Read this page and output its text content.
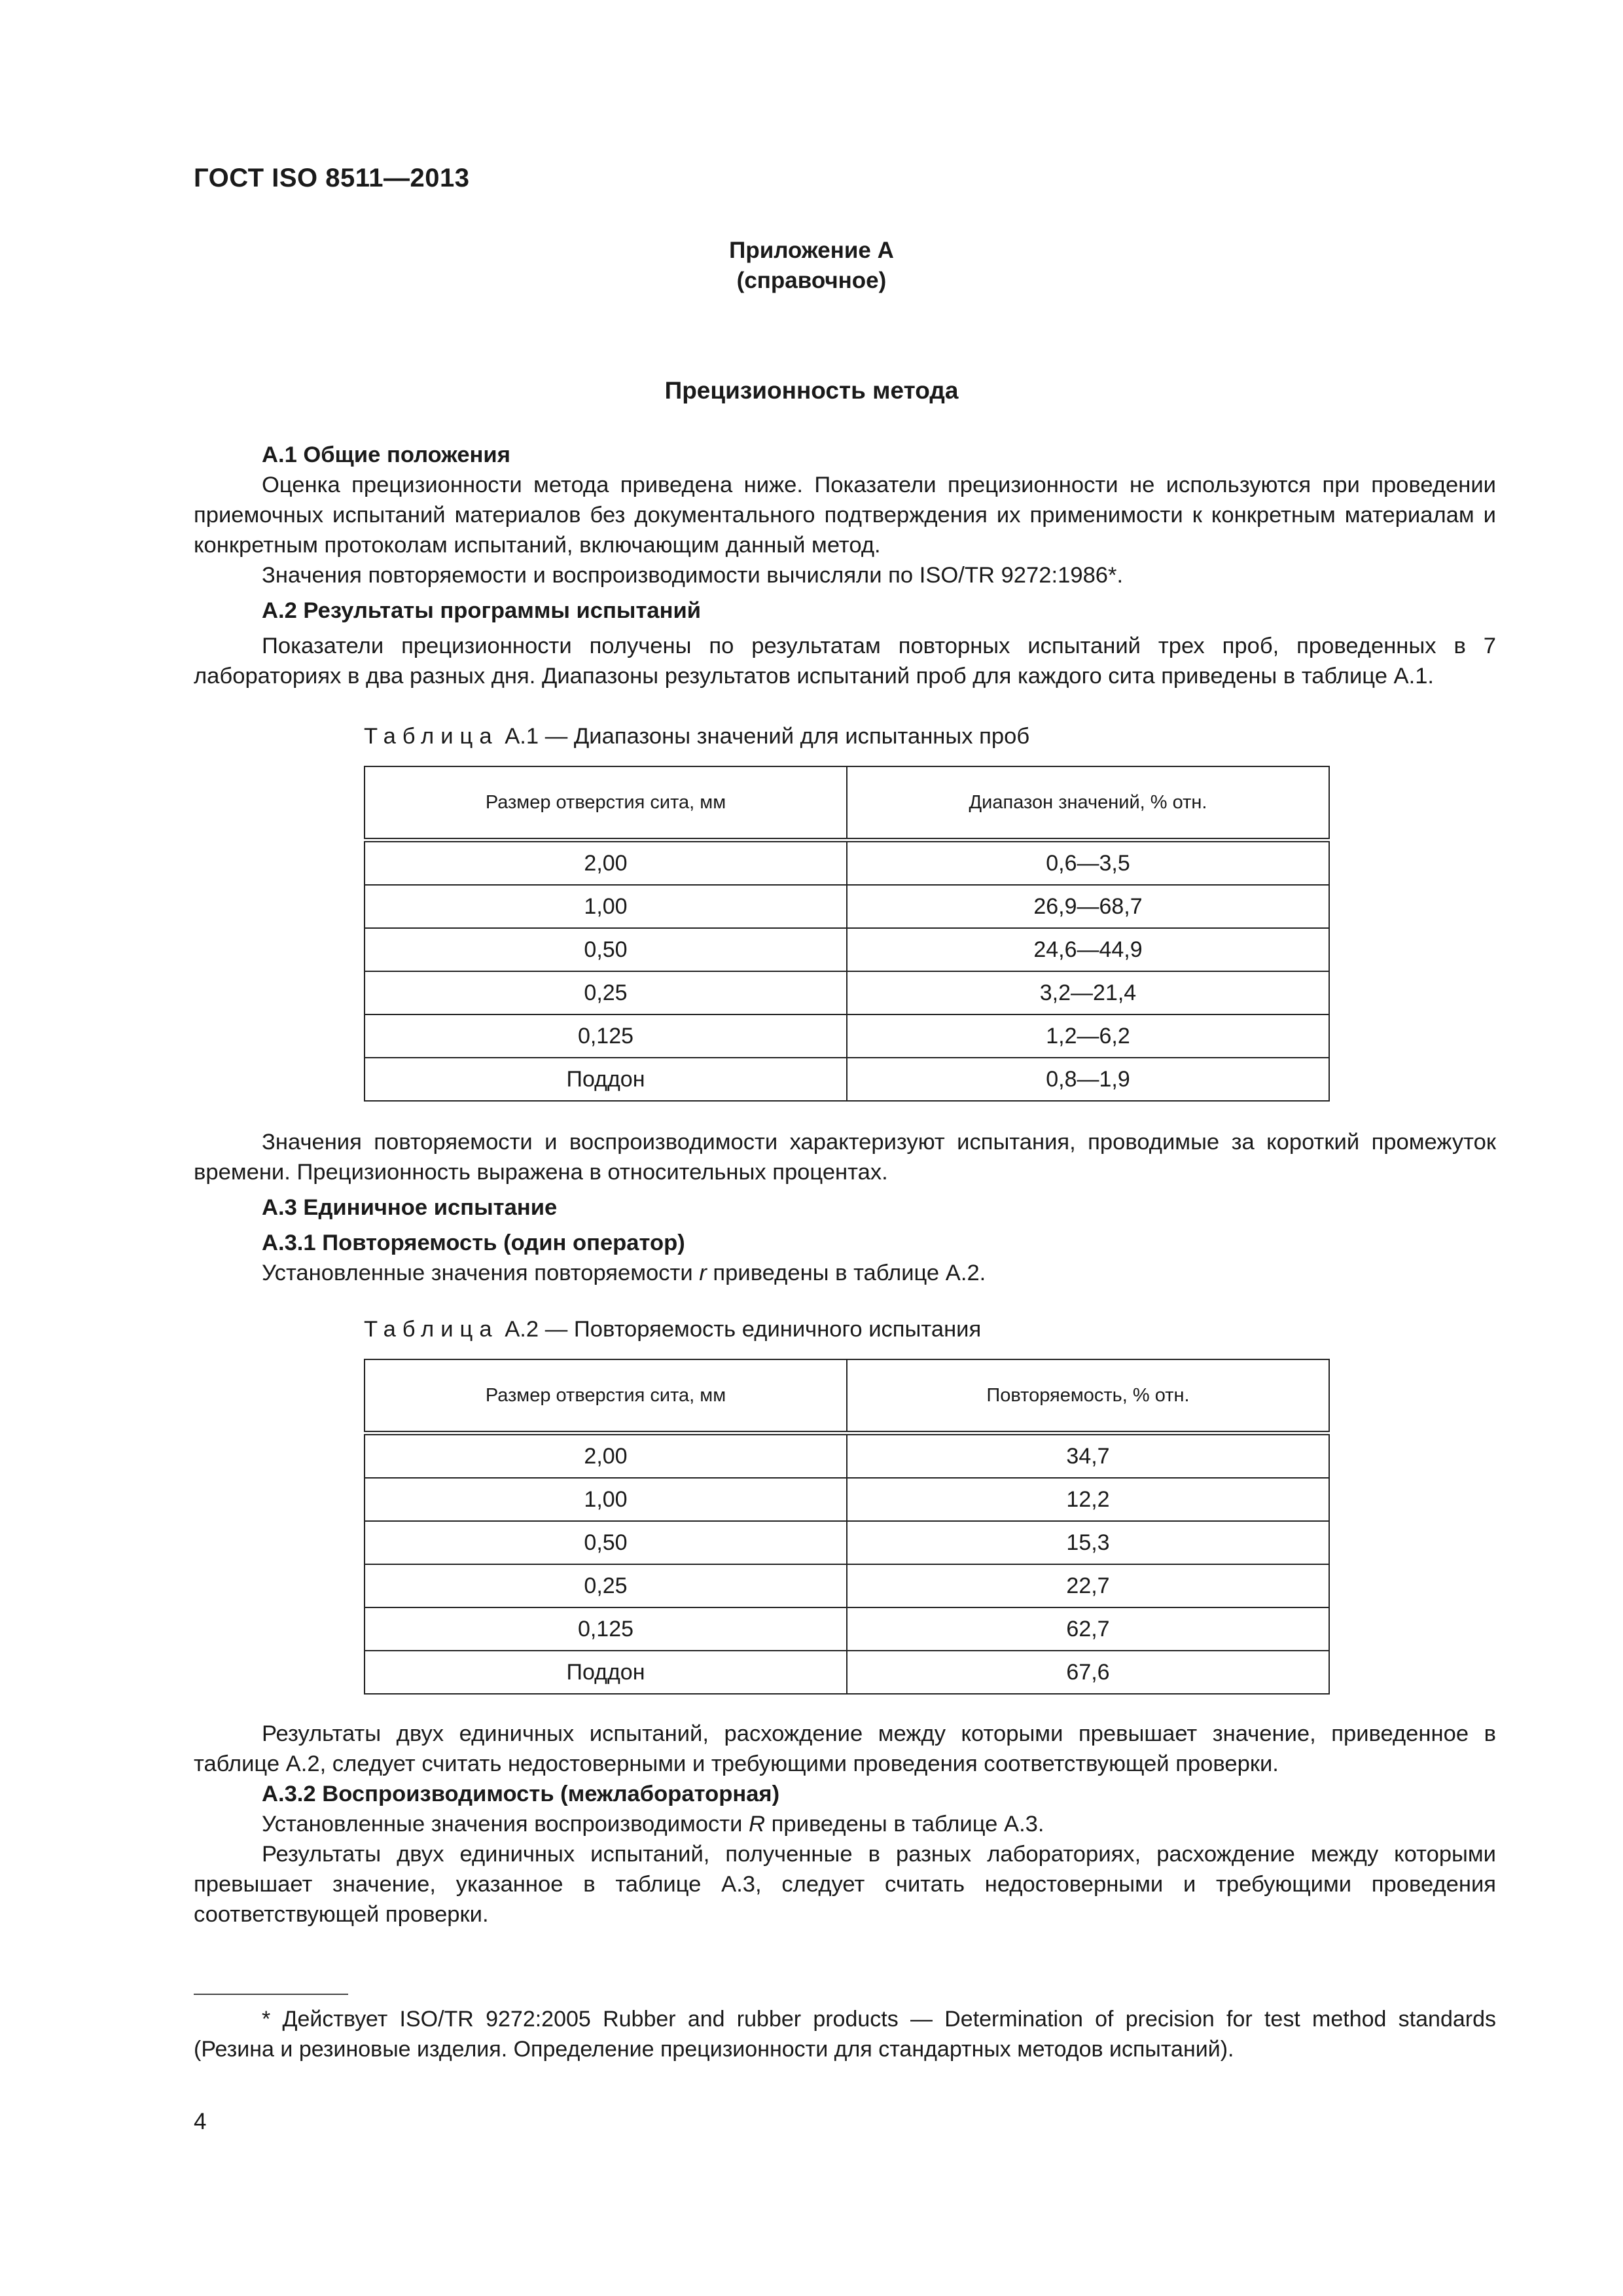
ГОСТ ISO 8511—2013
Приложение А
(справочное)
Прецизионность метода

А.1 Общие положения

Оценка прецизионности метода приведена ниже. Показатели прецизионности не используются при проведении приемочных испытаний материалов без документального подтверждения их применимости к конкретным материалам и конкретным протоколам испытаний, включающим данный метод.

Значения повторяемости и воспроизводимости вычисляли по ISO/TR 9272:1986*.

А.2 Результаты программы испытаний

Показатели прецизионности получены по результатам повторных испытаний трех проб, проведенных в 7 лабораториях в два разных дня. Диапазоны результатов испытаний проб для каждого сита приведены в таблице А.1.

Таблица А.1 — Диапазоны значений для испытанных проб
Размер отверстия сита, мм	Диапазон значений, % отн.
2,00	0,6—3,5
1,00	26,9—68,7
0,50	24,6—44,9
0,25	3,2—21,4
0,125	1,2—6,2
Поддон	0,8—1,9

Значения повторяемости и воспроизводимости характеризуют испытания, проводимые за короткий промежуток времени. Прецизионность выражена в относительных процентах.

А.3 Единичное испытание

А.3.1 Повторяемость (один оператор)

Установленные значения повторяемости r приведены в таблице А.2.

Таблица А.2 — Повторяемость единичного испытания
Размер отверстия сита, мм	Повторяемость, % отн.
2,00	34,7
1,00	12,2
0,50	15,3
0,25	22,7
0,125	62,7
Поддон	67,6

Результаты двух единичных испытаний, расхождение между которыми превышает значение, приведенное в таблице А.2, следует считать недостоверными и требующими проведения соответствующей проверки.

А.3.2 Воспроизводимость (межлабораторная)

Установленные значения воспроизводимости R приведены в таблице А.3.

Результаты двух единичных испытаний, полученные в разных лабораториях, расхождение между которыми превышает значение, указанное в таблице А.3, следует считать недостоверными и требующими проведения соответствующей проверки.

* Действует ISO/TR 9272:2005 Rubber and rubber products — Determination of precision for test method standards (Резина и резиновые изделия. Определение прецизионности для стандартных методов испытаний).

4
